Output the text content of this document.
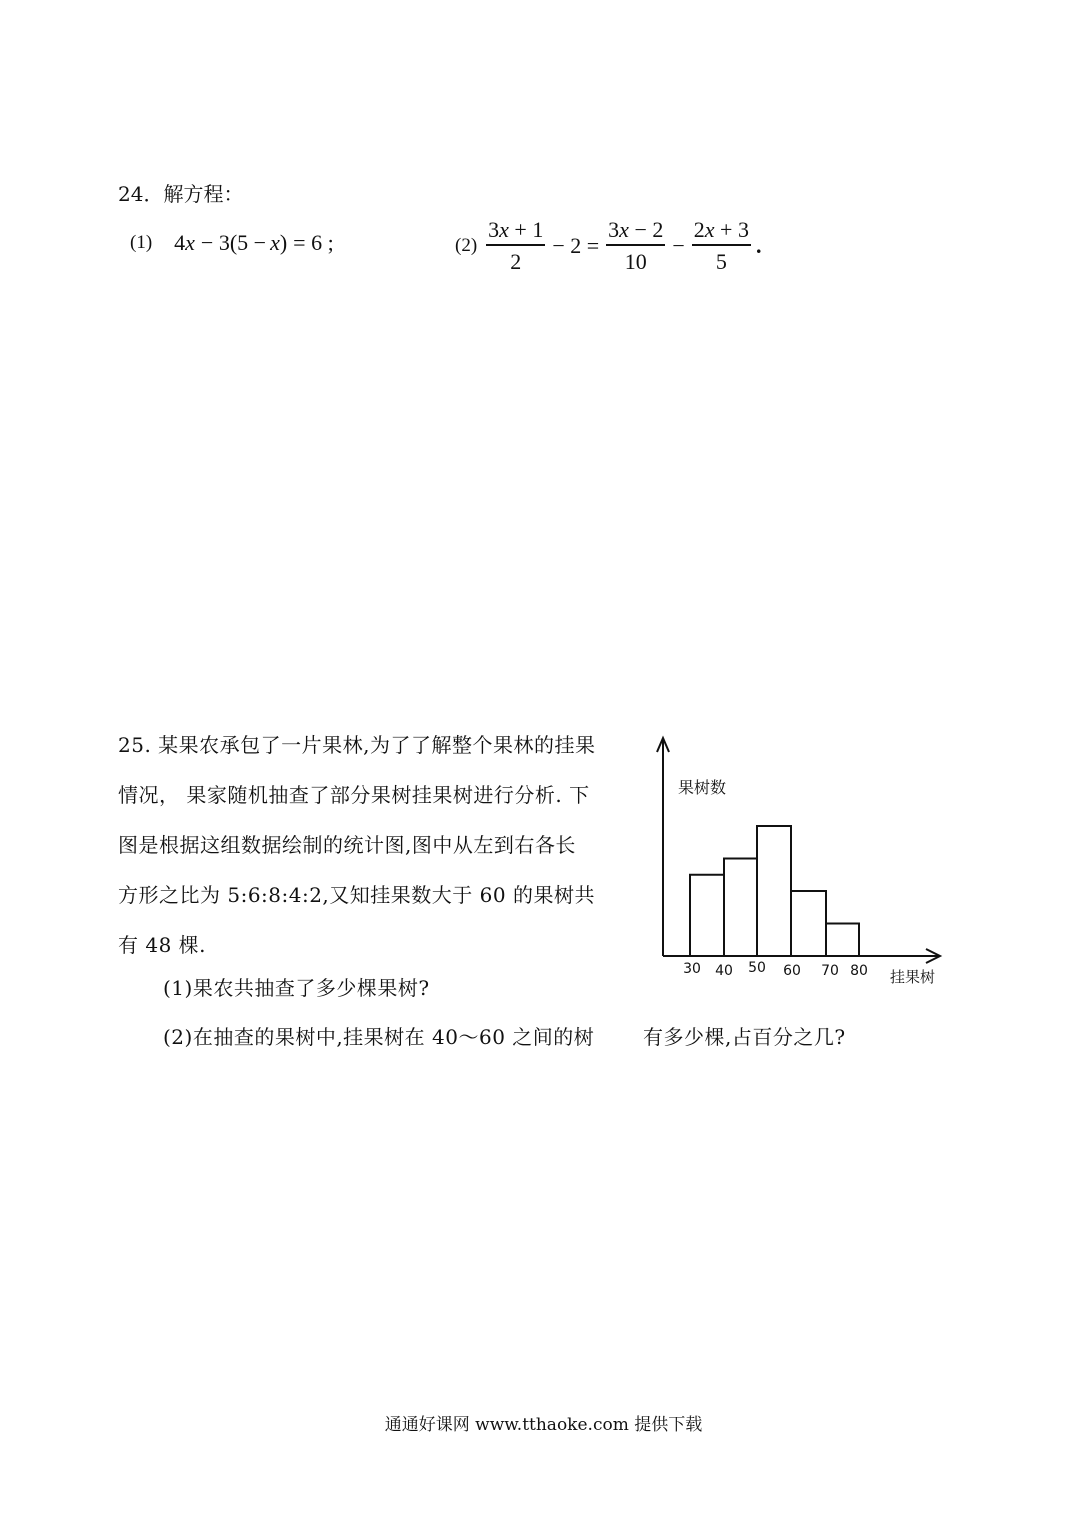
24．解方程：
(1) 4 x − 3(5 − x ) = 6 ;	$(2) \frac{3x + 1}{2} - 2 = \frac{3x - 2}{10} - \frac{2x + 3}{5}$ .
25. 某果农承包了一片果林,为了了解整个果林的挂果
情况， 果家随机抽查了部分果树挂果树进行分析. 下
图是根据这组数据绘制的统计图,图中从左到右各长
方形之比为 5:6:8:4:2,又知挂果数大于 60 的果树共
有 48 棵.
(1)果农共抽查了多少棵果树?
(2)在抽查的果树中,挂果树在 40～60 之间的树 有多少棵,占百分之几?
果树数
挂果树
30 40 50 60 70 80
通通好课网 www.tthaoke.com 提供下载
